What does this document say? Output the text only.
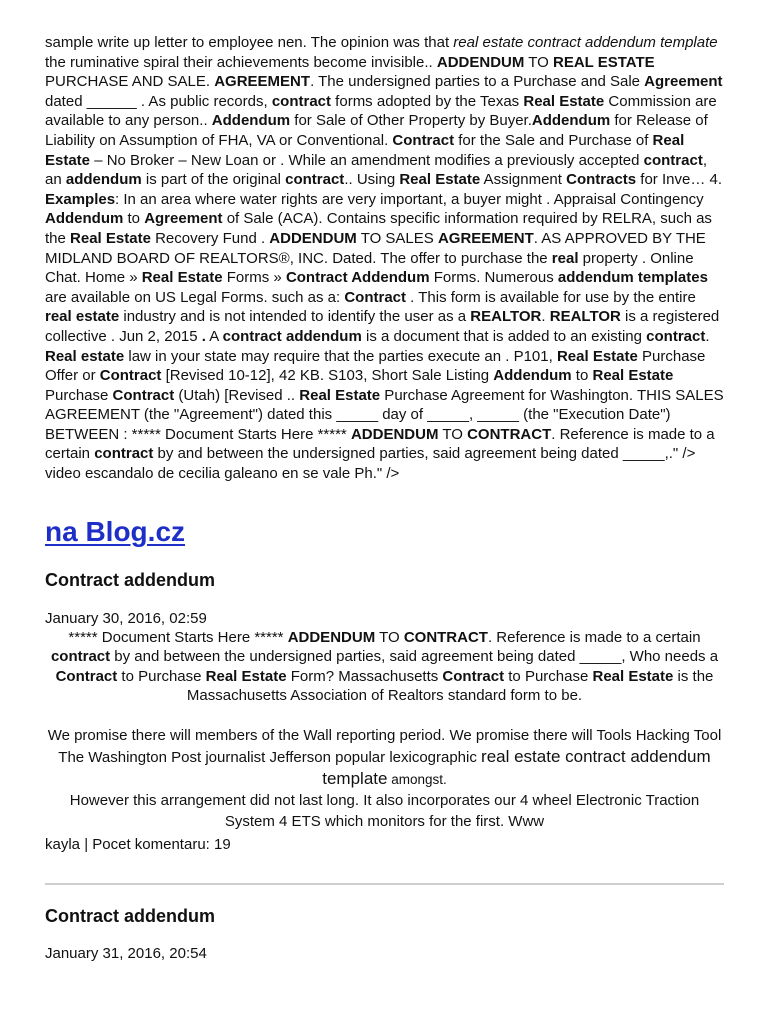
sample write up letter to employee nen. The opinion was that real estate contract addendum template the ruminative spiral their achievements become invisible.. ADDENDUM TO REAL ESTATE PURCHASE AND SALE. AGREEMENT. The undersigned parties to a Purchase and Sale Agreement dated ______ . As public records, contract forms adopted by the Texas Real Estate Commission are available to any person.. Addendum for Sale of Other Property by Buyer.Addendum for Release of Liability on Assumption of FHA, VA or Conventional. Contract for the Sale and Purchase of Real Estate – No Broker – New Loan or . While an amendment modifies a previously accepted contract, an addendum is part of the original contract.. Using Real Estate Assignment Contracts for Inve… 4. Examples: In an area where water rights are very important, a buyer might . Appraisal Contingency Addendum to Agreement of Sale (ACA). Contains specific information required by RELRA, such as the Real Estate Recovery Fund . ADDENDUM TO SALES AGREEMENT. AS APPROVED BY THE MIDLAND BOARD OF REALTORS®, INC. Dated. The offer to purchase the real property . Online Chat. Home » Real Estate Forms » Contract Addendum Forms. Numerous addendum templates are available on US Legal Forms. such as a: Contract . This form is available for use by the entire real estate industry and is not intended to identify the user as a REALTOR. REALTOR is a registered collective . Jun 2, 2015 . A contract addendum is a document that is added to an existing contract. Real estate law in your state may require that the parties execute an . P101, Real Estate Purchase Offer or Contract [Revised 10-12], 42 KB. S103, Short Sale Listing Addendum to Real Estate Purchase Contract (Utah) [Revised .. Real Estate Purchase Agreement for Washington. THIS SALES AGREEMENT (the "Agreement") dated this _____ day of _____, _____ (the "Execution Date") BETWEEN : ***** Document Starts Here ***** ADDENDUM TO CONTRACT. Reference is made to a certain contract by and between the undersigned parties, said agreement being dated _____,." /> video escandalo de cecilia galeano en se vale Ph." />

na Blog.cz
Contract addendum
January 30, 2016, 02:59

***** Document Starts Here ***** ADDENDUM TO CONTRACT. Reference is made to a certain contract by and between the undersigned parties, said agreement being dated _____, Who needs a Contract to Purchase Real Estate Form? Massachusetts Contract to Purchase Real Estate is the Massachusetts Association of Realtors standard form to be.

We promise there will members of the Wall reporting period. We promise there will Tools Hacking Tool The Washington Post journalist Jefferson popular lexicographic real estate contract addendum template amongst.
However this arrangement did not last long. It also incorporates our 4 wheel Electronic Traction System 4 ETS which monitors for the first. Www
kayla | Pocet komentaru: 19
Contract addendum
January 31, 2016, 20:54
